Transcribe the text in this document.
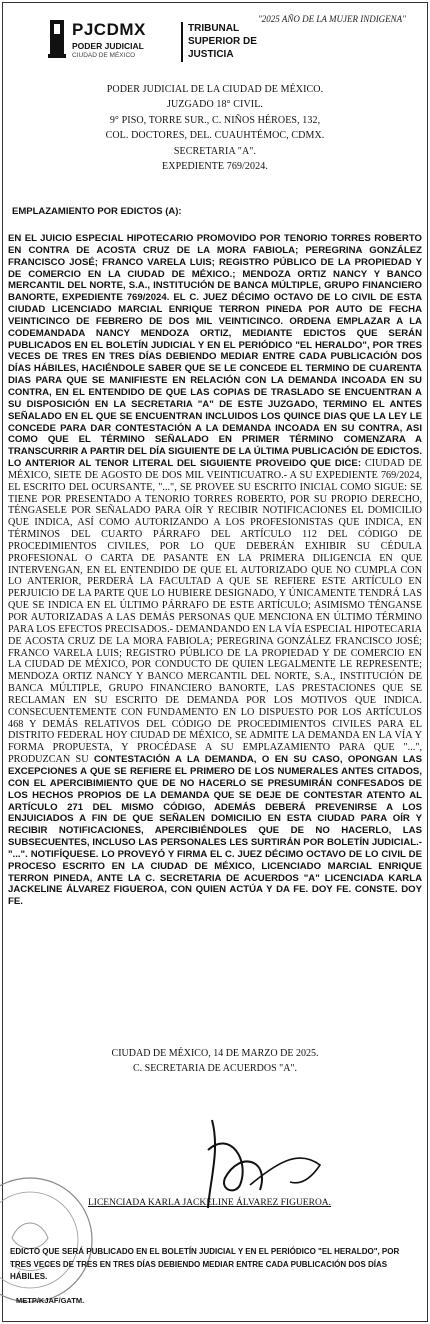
PJCDMX
PODER JUDICIAL
CIUDAD DE MÉXICO
TRIBUNAL
SUPERIOR DE
JUSTICIA
"2025 AÑO DE LA MUJER INDIGENA"
PODER JUDICIAL DE LA CIUDAD DE MÉXICO.
JUZGADO 18° CIVIL.
9° PISO, TORRE SUR., C. NIÑOS HÉROES, 132,
COL. DOCTORES, DEL. CUAUHTÉMOC, CDMX.
SECRETARIA "A".
EXPEDIENTE 769/2024.
EMPLAZAMIENTO POR EDICTOS (A):
EN EL JUICIO ESPECIAL HIPOTECARIO PROMOVIDO POR TENORIO TORRES ROBERTO EN CONTRA DE ACOSTA CRUZ DE LA MORA FABIOLA; PEREGRINA GONZÁLEZ FRANCISCO JOSÉ; FRANCO VARELA LUIS; REGISTRO PÚBLICO DE LA PROPIEDAD Y DE COMERCIO EN LA CIUDAD DE MÉXICO.; MENDOZA ORTIZ NANCY Y BANCO MERCANTIL DEL NORTE, S.A., INSTITUCIÓN DE BANCA MÚLTIPLE, GRUPO FINANCIERO BANORTE, EXPEDIENTE 769/2024. EL C. JUEZ DÉCIMO OCTAVO DE LO CIVIL DE ESTA CIUDAD LICENCIADO MARCIAL ENRIQUE TERRON PINEDA POR AUTO DE FECHA VEINTICINCO DE FEBRERO DE DOS MIL VEINTICINCO. ORDENA EMPLAZAR A LA CODEMANDADA NANCY MENDOZA ORTIZ, MEDIANTE EDICTOS QUE SERÁN PUBLICADOS EN EL BOLETÍN JUDICIAL Y EN EL PERIÓDICO "EL HERALDO", POR TRES VECES DE TRES EN TRES DÍAS DEBIENDO MEDIAR ENTRE CADA PUBLICACIÓN DOS DÍAS HÁBILES, HACIÉNDOLE SABER QUE SE LE CONCEDE EL TERMINO DE CUARENTA DIAS PARA QUE SE MANIFIESTE EN RELACIÓN CON LA DEMANDA INCOADA EN SU CONTRA, EN EL ENTENDIDO DE QUE LAS COPIAS DE TRASLADO SE ENCUENTRAN A SU DISPOSICIÓN EN LA SECRETARIA "A" DE ESTE JUZGADO, TERMINO EL ANTES SEÑALADO EN EL QUE SE ENCUENTRAN INCLUIDOS LOS QUINCE DIAS QUE LA LEY LE CONCEDE PARA DAR CONTESTACIÓN A LA DEMANDA INCOADA EN SU CONTRA, ASI COMO QUE EL TÉRMINO SEÑALADO EN PRIMER TÉRMINO COMENZARA A TRANSCURRIR A PARTIR DEL DÍA SIGUIENTE DE LA ÚLTIMA PUBLICACIÓN DE EDICTOS. LO ANTERIOR AL TENOR LITERAL DEL SIGUIENTE PROVEIDO QUE DICE: CIUDAD DE MÉXICO, SIETE DE AGOSTO DE DOS MIL VEINTICUATRO.- A SU EXPEDIENTE 769/2024, EL ESCRITO DEL OCURSANTE, "...", SE PROVEE SU ESCRITO INICIAL COMO SIGUE: SE TIENE POR PRESENTADO A TENORIO TORRES ROBERTO, POR SU PROPIO DERECHO, TÉNGASELE POR SEÑALADO PARA OÍR Y RECIBIR NOTIFICACIONES EL DOMICILIO QUE INDICA, ASÍ COMO AUTORIZANDO A LOS PROFESIONISTAS QUE INDICA, EN TÉRMINOS DEL CUARTO PÁRRAFO DEL ARTÍCULO 112 DEL CÓDIGO DE PROCEDIMIENTOS CIVILES, POR LO QUE DEBERÁN EXHIBIR SU CÉDULA PROFESIONAL O CARTA DE PASANTE EN LA PRIMERA DILIGENCIA EN QUE INTERVENGAN, EN EL ENTENDIDO DE QUE EL AUTORIZADO QUE NO CUMPLA CON LO ANTERIOR, PERDERÁ LA FACULTAD A QUE SE REFIERE ESTE ARTÍCULO EN PERJUICIO DE LA PARTE QUE LO HUBIERE DESIGNADO, Y ÚNICAMENTE TENDRÁ LAS QUE SE INDICA EN EL ÚLTIMO PÁRRAFO DE ESTE ARTÍCULO; ASIMISMO TÉNGANSE POR AUTORIZADAS A LAS DEMÁS PERSONAS QUE MENCIONA EN ÚLTIMO TÉRMINO PARA LOS EFECTOS PRECISADOS.- DEMANDANDO EN LA VÍA ESPECIAL HIPOTECARIA DE ACOSTA CRUZ DE LA MORA FABIOLA; PEREGRINA GONZÁLEZ FRANCISCO JOSÉ; FRANCO VARELA LUIS; REGISTRO PÚBLICO DE LA PROPIEDAD Y DE COMERCIO EN LA CIUDAD DE MÉXICO, POR CONDUCTO DE QUIEN LEGALMENTE LE REPRESENTE; MENDOZA ORTIZ NANCY Y BANCO MERCANTIL DEL NORTE, S.A., INSTITUCIÓN DE BANCA MÚLTIPLE, GRUPO FINANCIERO BANORTE, LAS PRESTACIONES QUE SE RECLAMAN EN SU ESCRITO DE DEMANDA POR LOS MOTIVOS QUE INDICA. CONSECUENTEMENTE CON FUNDAMENTO EN LO DISPUESTO POR LOS ARTÍCULOS 468 Y DEMÁS RELATIVOS DEL CÓDIGO DE PROCEDIMIENTOS CIVILES PARA EL DISTRITO FEDERAL HOY CIUDAD DE MÉXICO, SE ADMITE LA DEMANDA EN LA VÍA Y FORMA PROPUESTA, Y PROCÉDASE A SU EMPLAZAMIENTO PARA QUE "...", PRODUZCAN SU CONTESTACIÓN A LA DEMANDA, O EN SU CASO, OPONGAN LAS EXCEPCIONES A QUE SE REFIERE EL PRIMERO DE LOS NUMERALES ANTES CITADOS, CON EL APERCIBIMIENTO QUE DE NO HACERLO SE PRESUMIRÁN CONFESADOS DE LOS HECHOS PROPIOS DE LA DEMANDA QUE SE DEJE DE CONTESTAR ATENTO AL ARTÍCULO 271 DEL MISMO CÓDIGO, ADEMÁS DEBERÁ PREVENIRSE A LOS ENJUICIADOS A FIN DE QUE SEÑALEN DOMICILIO EN ESTA CIUDAD PARA OÍR Y RECIBIR NOTIFICACIONES, APERCIBIÉNDOLES QUE DE NO HACERLO, LAS SUBSECUENTES, INCLUSO LAS PERSONALES LES SURTIRÁN POR BOLETÍN JUDICIAL.- "...". NOTIFÍQUESE. LO PROVEYÓ Y FIRMA EL C. JUEZ DÉCIMO OCTAVO DE LO CIVIL DE PROCESO ESCRITO EN LA CIUDAD DE MÉXICO, LICENCIADO MARCIAL ENRIQUE TERRON PINEDA, ANTE LA C. SECRETARIA DE ACUERDOS "A" LICENCIADA KARLA JACKELINE ÁLVAREZ FIGUEROA, CON QUIEN ACTÚA Y DA FE. DOY FE. CONSTE. DOY FE.
CIUDAD DE MÉXICO, 14 DE MARZO DE 2025.
C. SECRETARIA DE ACUERDOS "A".
LICENCIADA KARLA JACKELINE ÁLVAREZ FIGUEROA.
EDICTO QUE SERÁ PUBLICADO EN EL BOLETÍN JUDICIAL Y EN EL PERIÓDICO "EL HERALDO", POR TRES VECES DE TRES EN TRES DÍAS DEBIENDO MEDIAR ENTRE CADA PUBLICACIÓN DOS DÍAS HÁBILES.
METP/KJAF/GATM.
